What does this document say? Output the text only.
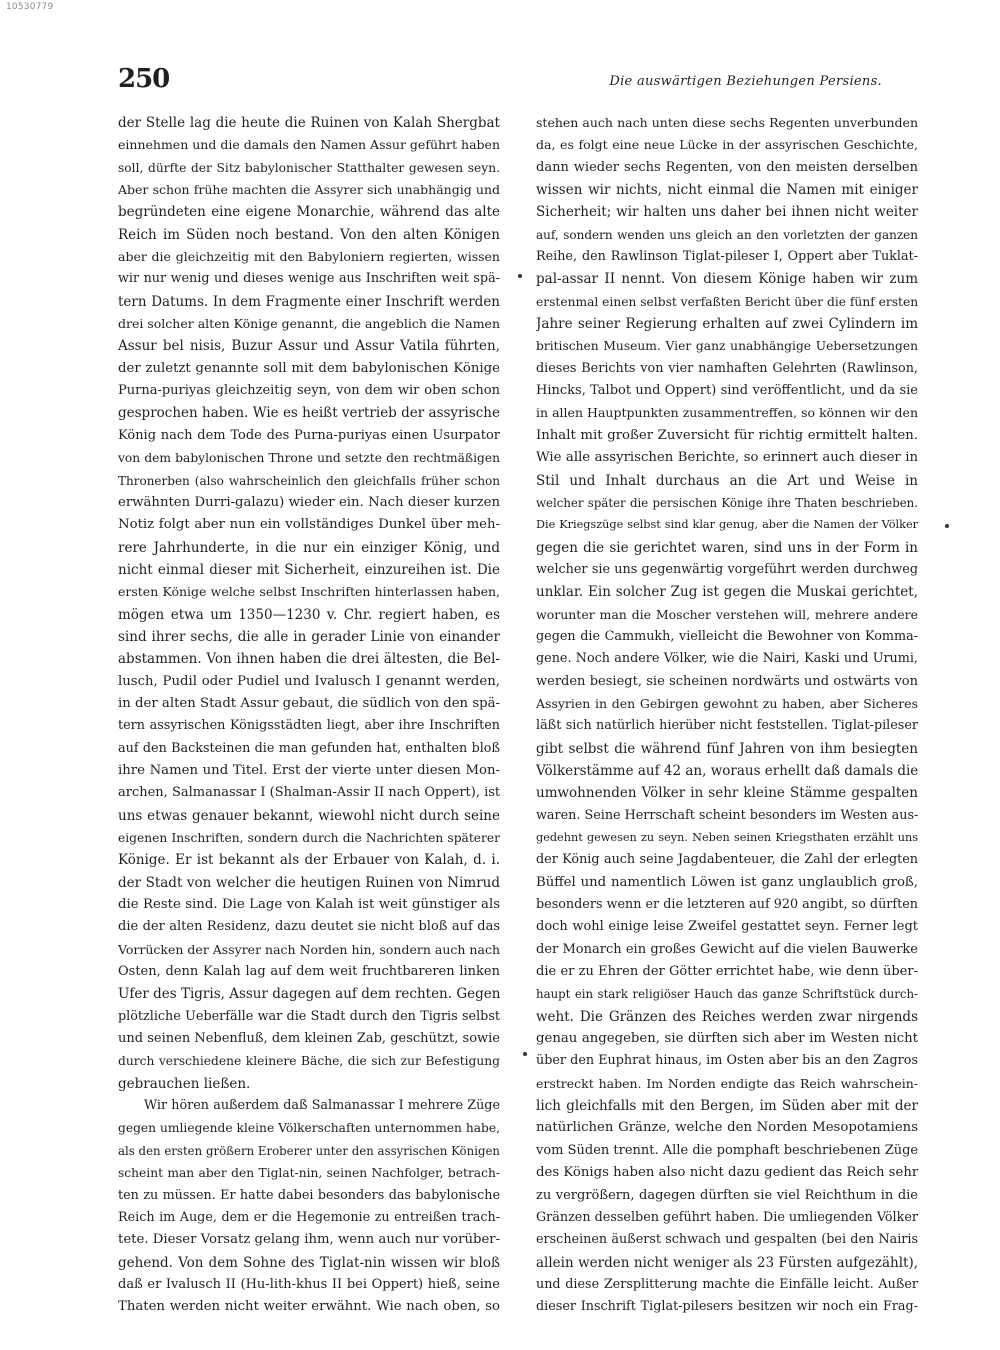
10530779
250	Die auswärtigen Beziehungen Persiens.
der Stelle lag die heute die Ruinen von Kalah Shergbat
einnehmen und die damals den Namen Assur geführt haben
soll, dürfte der Sitz babylonischer Statthalter gewesen seyn.
Aber schon frühe machten die Assyrer sich unabhängig und
begründeten eine eigene Monarchie, während das alte
Reich im Süden noch bestand. Von den alten Königen
aber die gleichzeitig mit den Babyloniern regierten, wissen
wir nur wenig und dieses wenige aus Inschriften weit spä-
tern Datums. In dem Fragmente einer Inschrift werden
drei solcher alten Könige genannt, die angeblich die Namen
Assur bel nisis, Buzur Assur und Assur Vatila führten,
der zuletzt genannte soll mit dem babylonischen Könige
Purna-puriyas gleichzeitig seyn, von dem wir oben schon
gesprochen haben. Wie es heißt vertrieb der assyrische
König nach dem Tode des Purna-puriyas einen Usurpator
von dem babylonischen Throne und setzte den rechtmäßigen
Thronerben (also wahrscheinlich den gleichfalls früher schon
erwähnten Durri-galazu) wieder ein. Nach dieser kurzen
Notiz folgt aber nun ein vollständiges Dunkel über meh-
rere Jahrhunderte, in die nur ein einziger König, und
nicht einmal dieser mit Sicherheit, einzureihen ist. Die
ersten Könige welche selbst Inschriften hinterlassen haben,
mögen etwa um 1350—1230 v. Chr. regiert haben, es
sind ihrer sechs, die alle in gerader Linie von einander
abstammen. Von ihnen haben die drei ältesten, die Bel-
lusch, Pudil oder Pudiel und Ivalusch I genannt werden,
in der alten Stadt Assur gebaut, die südlich von den spä-
tern assyrischen Königsstädten liegt, aber ihre Inschriften
auf den Backsteinen die man gefunden hat, enthalten bloß
ihre Namen und Titel. Erst der vierte unter diesen Mon-
archen, Salmanassar I (Shalman-Assir II nach Oppert), ist
uns etwas genauer bekannt, wiewohl nicht durch seine
eigenen Inschriften, sondern durch die Nachrichten späterer
Könige. Er ist bekannt als der Erbauer von Kalah, d. i.
der Stadt von welcher die heutigen Ruinen von Nimrud
die Reste sind. Die Lage von Kalah ist weit günstiger als
die der alten Residenz, dazu deutet sie nicht bloß auf das
Vorrücken der Assyrer nach Norden hin, sondern auch nach
Osten, denn Kalah lag auf dem weit fruchtbareren linken
Ufer des Tigris, Assur dagegen auf dem rechten. Gegen
plötzliche Ueberfälle war die Stadt durch den Tigris selbst
und seinen Nebenfluß, dem kleinen Zab, geschützt, sowie
durch verschiedene kleinere Bäche, die sich zur Befestigung
gebrauchen ließen.
Wir hören außerdem daß Salmanassar I mehrere Züge
gegen umliegende kleine Völkerschaften unternommen habe,
als den ersten größern Eroberer unter den assyrischen Königen
scheint man aber den Tiglat-nin, seinen Nachfolger, betrach-
ten zu müssen. Er hatte dabei besonders das babylonische
Reich im Auge, dem er die Hegemonie zu entreißen trach-
tete. Dieser Vorsatz gelang ihm, wenn auch nur vorüber-
gehend. Von dem Sohne des Tiglat-nin wissen wir bloß
daß er Ivalusch II (Hu-lith-khus II bei Oppert) hieß, seine
Thaten werden nicht weiter erwähnt. Wie nach oben, so
stehen auch nach unten diese sechs Regenten unverbunden
da, es folgt eine neue Lücke in der assyrischen Geschichte,
dann wieder sechs Regenten, von den meisten derselben
wissen wir nichts, nicht einmal die Namen mit einiger
Sicherheit; wir halten uns daher bei ihnen nicht weiter
auf, sondern wenden uns gleich an den vorletzten der ganzen
Reihe, den Rawlinson Tiglat-pileser I, Oppert aber Tuklat-
pal-assar II nennt. Von diesem Könige haben wir zum
erstenmal einen selbst verfaßten Bericht über die fünf ersten
Jahre seiner Regierung erhalten auf zwei Cylindern im
britischen Museum. Vier ganz unabhängige Uebersetzungen
dieses Berichts von vier namhaften Gelehrten (Rawlinson,
Hincks, Talbot und Oppert) sind veröffentlicht, und da sie
in allen Hauptpunkten zusammentreffen, so können wir den
Inhalt mit großer Zuversicht für richtig ermittelt halten.
Wie alle assyrischen Berichte, so erinnert auch dieser in
Stil und Inhalt durchaus an die Art und Weise in
welcher später die persischen Könige ihre Thaten beschrieben.
Die Kriegszüge selbst sind klar genug, aber die Namen der Völker
gegen die sie gerichtet waren, sind uns in der Form in
welcher sie uns gegenwärtig vorgeführt werden durchweg
unklar. Ein solcher Zug ist gegen die Muskai gerichtet,
worunter man die Moscher verstehen will, mehrere andere
gegen die Cammukh, vielleicht die Bewohner von Komma-
gene. Noch andere Völker, wie die Nairi, Kaski und Urumi,
werden besiegt, sie scheinen nordwärts und ostwärts von
Assyrien in den Gebirgen gewohnt zu haben, aber Sicheres
läßt sich natürlich hierüber nicht feststellen. Tiglat-pileser
gibt selbst die während fünf Jahren von ihm besiegten
Völkerstämme auf 42 an, woraus erhellt daß damals die
umwohnenden Völker in sehr kleine Stämme gespalten
waren. Seine Herrschaft scheint besonders im Westen aus-
gedehnt gewesen zu seyn. Neben seinen Kriegsthaten erzählt uns
der König auch seine Jagdabenteuer, die Zahl der erlegten
Büffel und namentlich Löwen ist ganz unglaublich groß,
besonders wenn er die letzteren auf 920 angibt, so dürften
doch wohl einige leise Zweifel gestattet seyn. Ferner legt
der Monarch ein großes Gewicht auf die vielen Bauwerke
die er zu Ehren der Götter errichtet habe, wie denn über-
haupt ein stark religiöser Hauch das ganze Schriftstück durch-
weht. Die Gränzen des Reiches werden zwar nirgends
genau angegeben, sie dürften sich aber im Westen nicht
über den Euphrat hinaus, im Osten aber bis an den Zagros
erstreckt haben. Im Norden endigte das Reich wahrschein-
lich gleichfalls mit den Bergen, im Süden aber mit der
natürlichen Gränze, welche den Norden Mesopotamiens
vom Süden trennt. Alle die pomphaft beschriebenen Züge
des Königs haben also nicht dazu gedient das Reich sehr
zu vergrößern, dagegen dürften sie viel Reichthum in die
Gränzen desselben geführt haben. Die umliegenden Völker
erscheinen äußerst schwach und gespalten (bei den Nairis
allein werden nicht weniger als 23 Fürsten aufgezählt),
und diese Zersplitterung machte die Einfälle leicht. Außer
dieser Inschrift Tiglat-pilesers besitzen wir noch ein Frag-
